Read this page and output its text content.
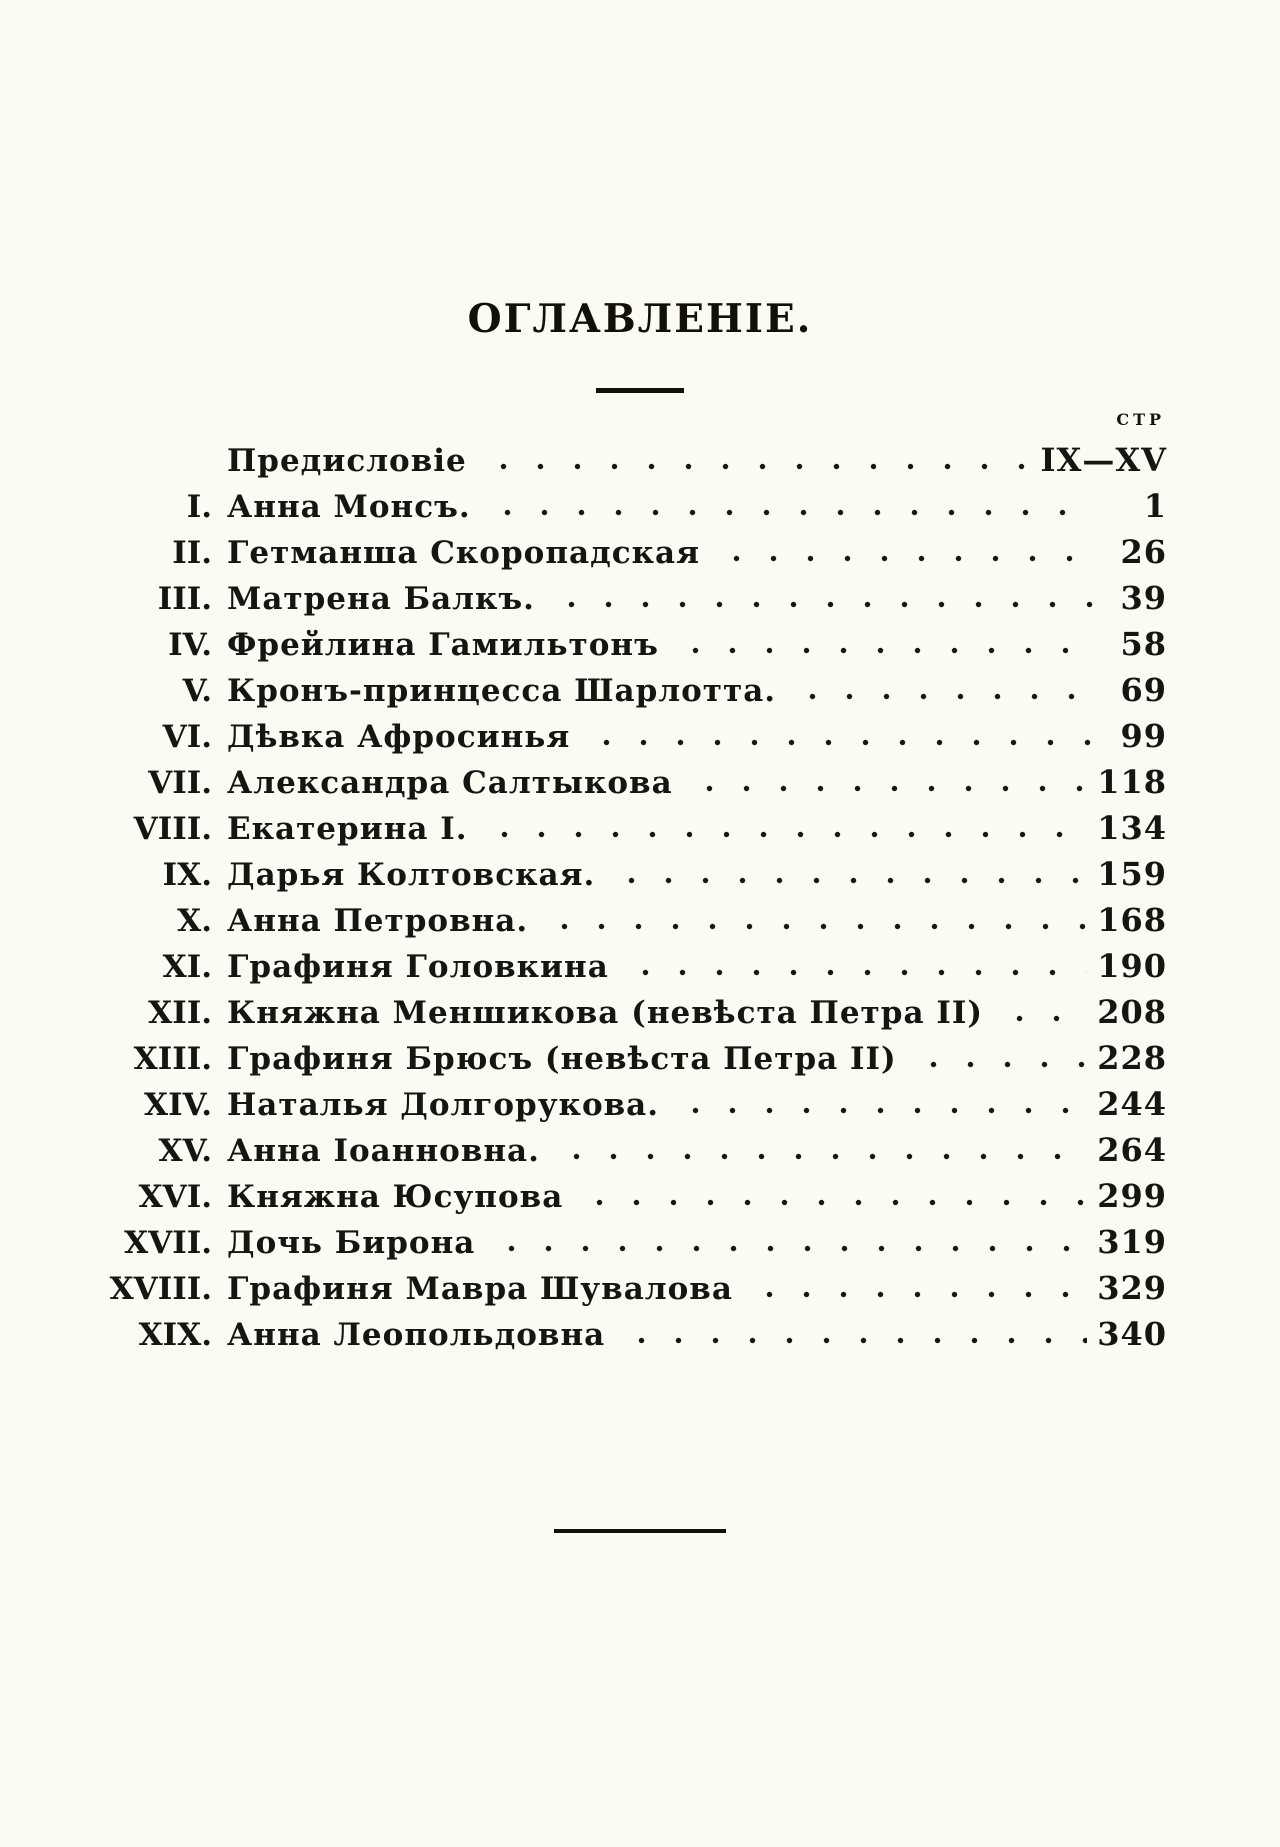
ОГЛАВЛЕНІЕ.
СТР
Предисловіе	IX—XV
I. Анна Монсъ.	1
II. Гетманша Скоропадская	26
III. Матрена Балкъ.	39
IV. Фрейлина Гамильтонъ	58
V. Кронъ-принцесса Шарлотта.	69
VI. Дѣвка Афросинья	99
VII. Александра Салтыкова	118
VIII. Екатерина I.	134
IX. Дарья Колтовская.	159
X. Анна Петровна.	168
XI. Графиня Головкина	190
XII. Княжна Меншикова (невѣста Петра II)	208
XIII. Графиня Брюсъ (невѣста Петра II)	228
XIV. Наталья Долгорукова.	244
XV. Анна Іоанновна.	264
XVI. Княжна Юсупова	299
XVII. Дочь Бирона	319
XVIII. Графиня Мавра Шувалова	329
XIX. Анна Леопольдовна	340
